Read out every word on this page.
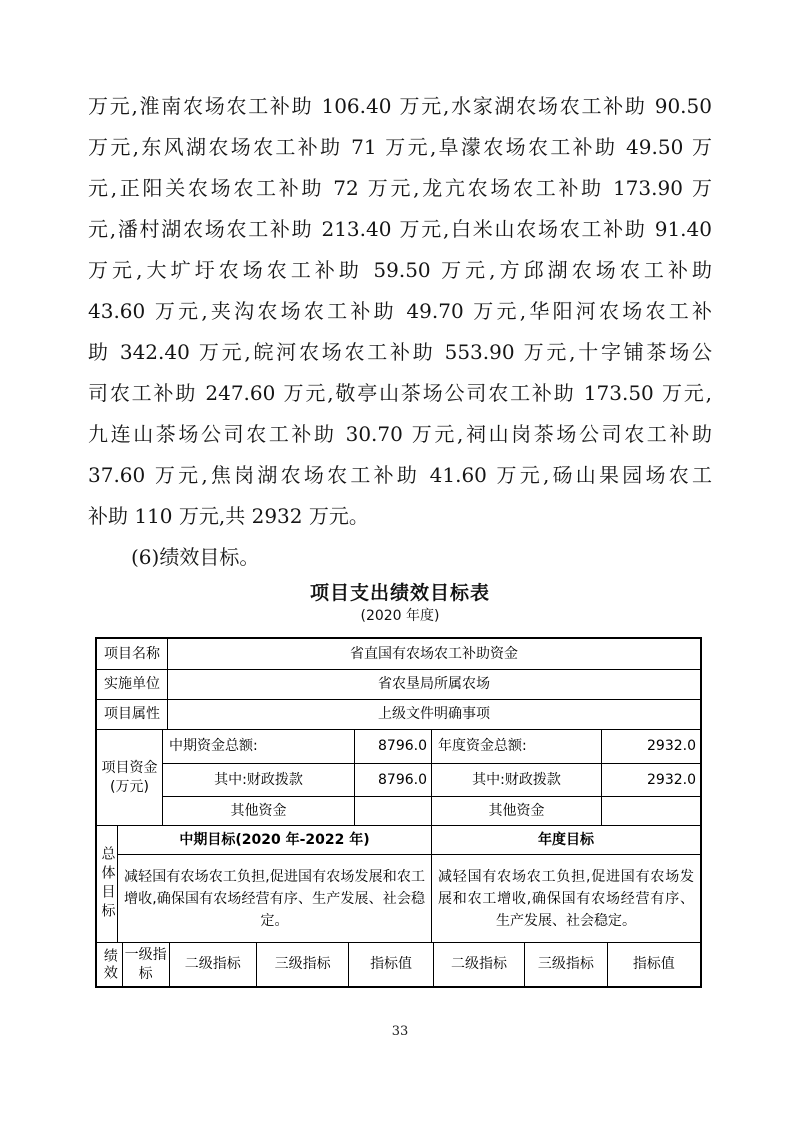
万元,淮南农场农工补助 106.40 万元,水家湖农场农工补助 90.50
万元,东风湖农场农工补助 71 万元,阜濛农场农工补助 49.50 万
元,正阳关农场农工补助 72 万元,龙亢农场农工补助 173.90 万
元,潘村湖农场农工补助 213.40 万元,白米山农场农工补助 91.40
万元,大圹圩农场农工补助 59.50 万元,方邱湖农场农工补助
43.60 万元,夹沟农场农工补助 49.70 万元,华阳河农场农工补
助 342.40 万元,皖河农场农工补助 553.90 万元,十字铺茶场公
司农工补助 247.60 万元,敬亭山茶场公司农工补助 173.50 万元,
九连山茶场公司农工补助 30.70 万元,祠山岗茶场公司农工补助
37.60 万元,焦岗湖农场农工补助 41.60 万元,砀山果园场农工
补助 110 万元,共 2932 万元。
(6)绩效目标。
项目支出绩效目标表
(2020 年度)
项目名称	省直国有农场农工补助资金
实施单位	省农垦局所属农场
项目属性	上级文件明确事项
项目资金(万元)
中期资金总额:	8796.0 年度资金总额:	2932.0
其中:财政拨款	8796.0	其中:财政拨款	2932.0
其他资金	其他资金
总体目标
中期目标(2020 年-2022 年)	年度目标
减轻国有农场农工负担,促进国有农场发展和农工增收,确保国有农场经营有序、生产发展、社会稳定。
减轻国有农场农工负担,促进国有农场发展和农工增收,确保国有农场经营有序、生产发展、社会稳定。
绩效 一级指标
二级指标	三级指标	指标值	二级指标	三级指标	指标值
33
